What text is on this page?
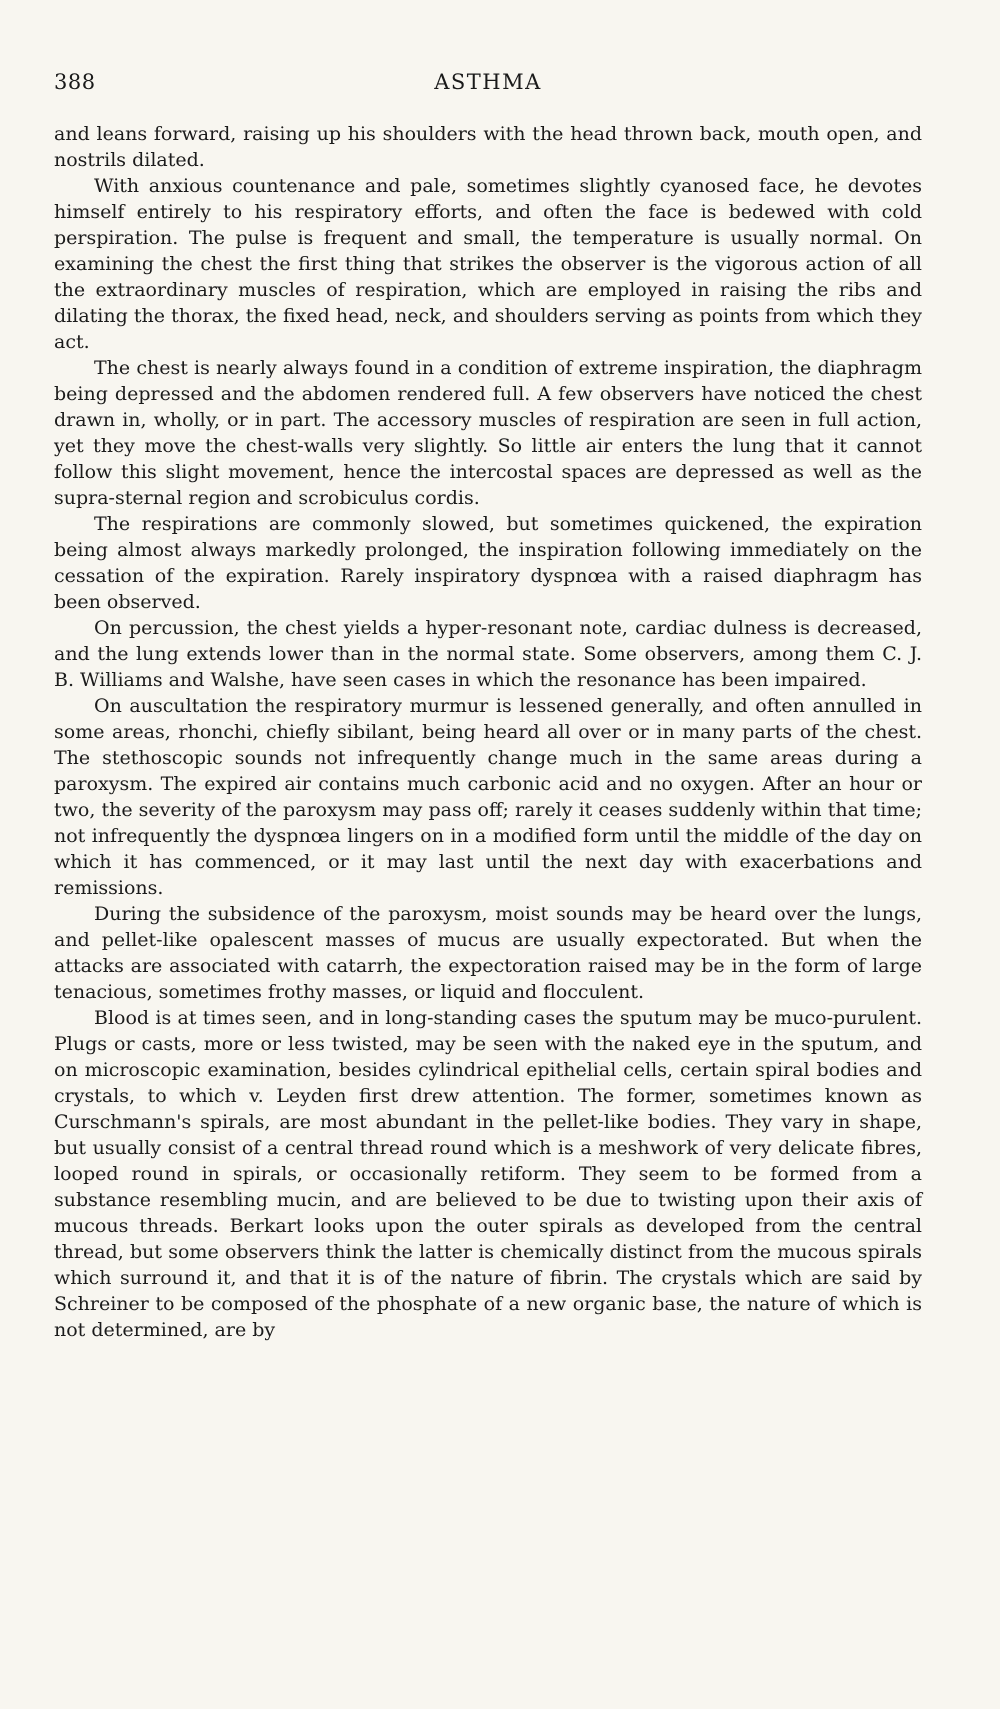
388	ASTHMA

and leans forward, raising up his shoulders with the head thrown back, mouth open, and nostrils dilated.

With anxious countenance and pale, sometimes slightly cyanosed face, he devotes himself entirely to his respiratory efforts, and often the face is bedewed with cold perspiration. The pulse is frequent and small, the temperature is usually normal. On examining the chest the first thing that strikes the observer is the vigorous action of all the extraordinary muscles of respiration, which are employed in raising the ribs and dilating the thorax, the fixed head, neck, and shoulders serving as points from which they act.

The chest is nearly always found in a condition of extreme inspiration, the diaphragm being depressed and the abdomen rendered full. A few observers have noticed the chest drawn in, wholly, or in part. The accessory muscles of respiration are seen in full action, yet they move the chest-walls very slightly. So little air enters the lung that it cannot follow this slight movement, hence the intercostal spaces are depressed as well as the supra-sternal region and scrobiculus cordis.

The respirations are commonly slowed, but sometimes quickened, the expiration being almost always markedly prolonged, the inspiration following immediately on the cessation of the expiration. Rarely inspiratory dyspnœa with a raised diaphragm has been observed.

On percussion, the chest yields a hyper-resonant note, cardiac dulness is decreased, and the lung extends lower than in the normal state. Some observers, among them C. J. B. Williams and Walshe, have seen cases in which the resonance has been impaired.

On auscultation the respiratory murmur is lessened generally, and often annulled in some areas, rhonchi, chiefly sibilant, being heard all over or in many parts of the chest. The stethoscopic sounds not infrequently change much in the same areas during a paroxysm. The expired air contains much carbonic acid and no oxygen. After an hour or two, the severity of the paroxysm may pass off; rarely it ceases suddenly within that time; not infrequently the dyspnœa lingers on in a modified form until the middle of the day on which it has commenced, or it may last until the next day with exacerbations and remissions.

During the subsidence of the paroxysm, moist sounds may be heard over the lungs, and pellet-like opalescent masses of mucus are usually expectorated. But when the attacks are associated with catarrh, the expectoration raised may be in the form of large tenacious, sometimes frothy masses, or liquid and flocculent.

Blood is at times seen, and in long-standing cases the sputum may be muco-purulent. Plugs or casts, more or less twisted, may be seen with the naked eye in the sputum, and on microscopic examination, besides cylindrical epithelial cells, certain spiral bodies and crystals, to which v. Leyden first drew attention. The former, sometimes known as Curschmann's spirals, are most abundant in the pellet-like bodies. They vary in shape, but usually consist of a central thread round which is a meshwork of very delicate fibres, looped round in spirals, or occasionally retiform. They seem to be formed from a substance resembling mucin, and are believed to be due to twisting upon their axis of mucous threads. Berkart looks upon the outer spirals as developed from the central thread, but some observers think the latter is chemically distinct from the mucous spirals which surround it, and that it is of the nature of fibrin. The crystals which are said by Schreiner to be composed of the phosphate of a new organic base, the nature of which is not determined, are by
